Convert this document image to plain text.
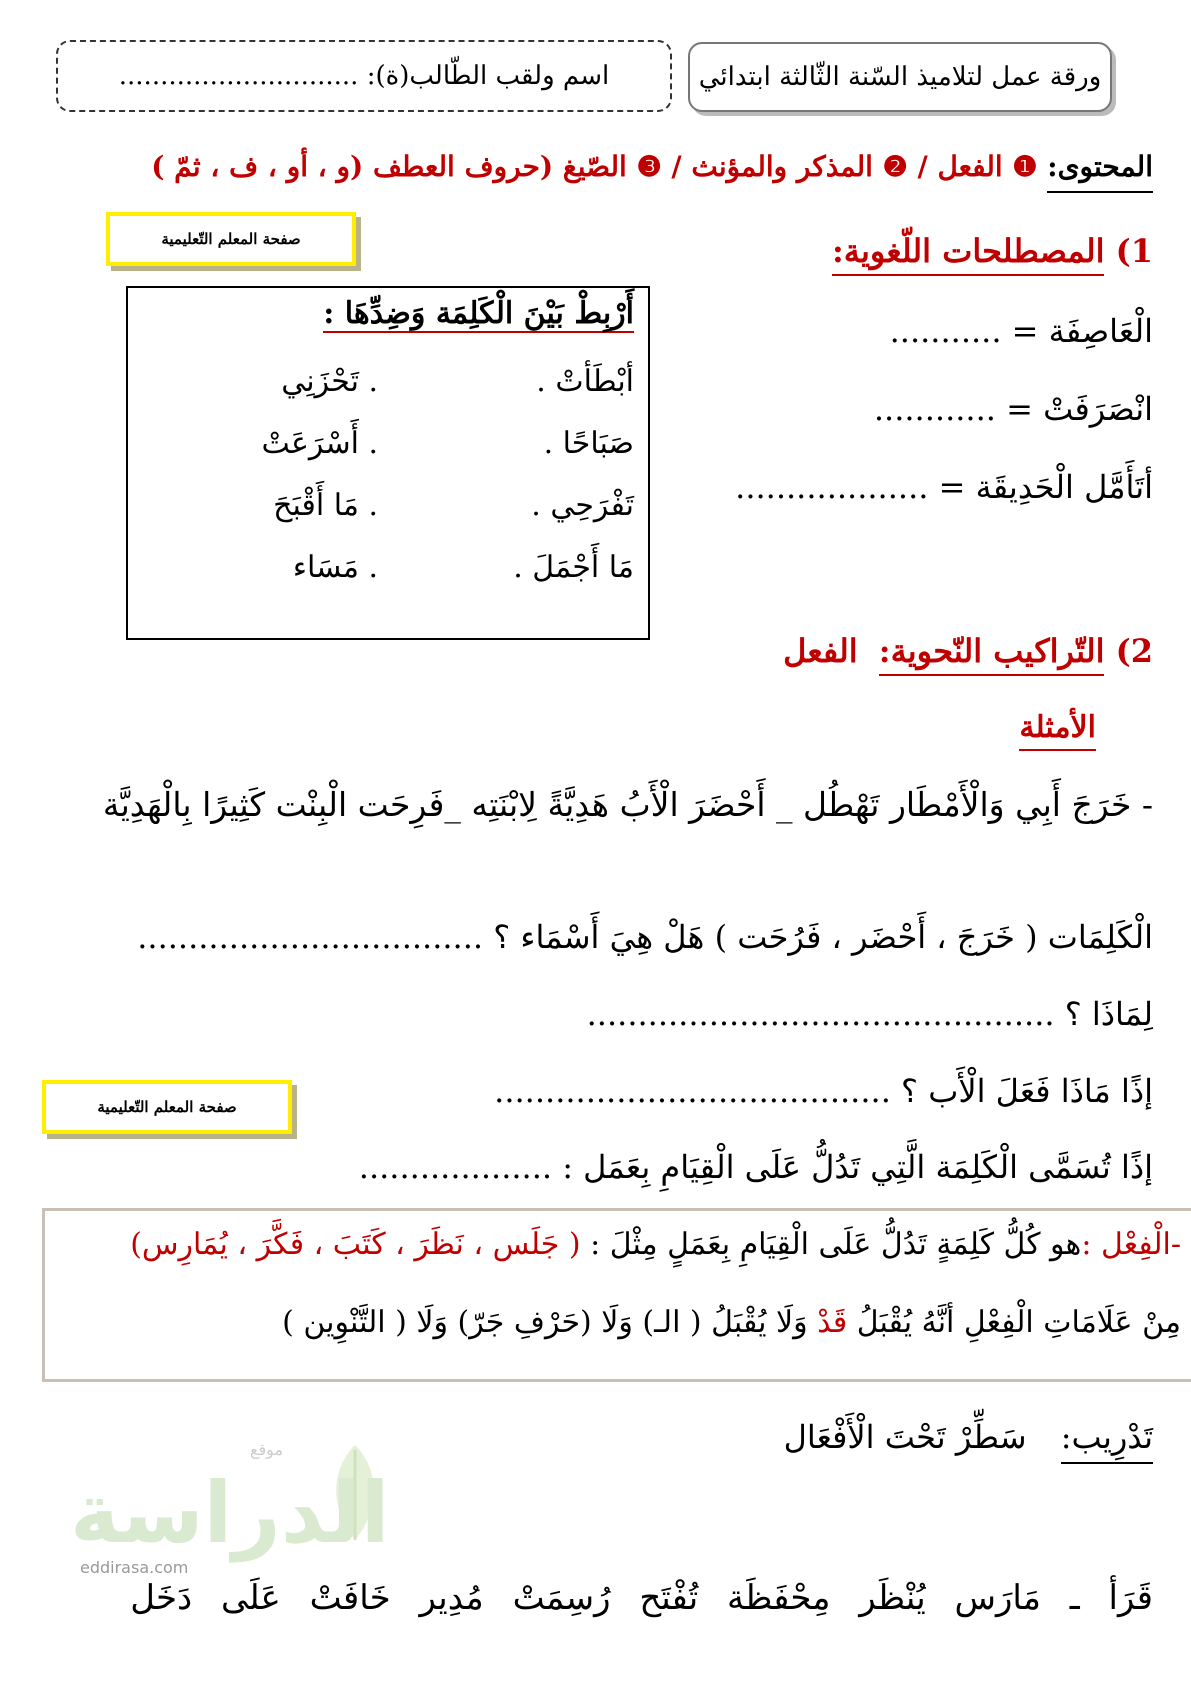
ورقة عمل لتلاميذ السّنة الثّالثة ابتدائي
اسم ولقب الطّالب(ة): .............................
المحتوى: ❶ الفعل / ❷ المذكر والمؤنث / ❸ الصّيغ (حروف العطف (و ، أو ، ف ، ثمّ )
صفحة المعلم التّعليمية	1) المصطلحات اللّغوية:
الْعَاصِفَة = ...........
انْصَرَفَتْ = ............
أتَأَمَّل الْحَدِيقَة = ...................
أَرْبِطْ بَيْنَ الْكَلِمَة وَضِدِّهَا :
أبْطَأتْ .
صَبَاحًا .
تَفْرَحِي .
مَا أَجْمَلَ .
. تَحْزَنِي
. أَسْرَعَتْ
. مَا أَقْبَحَ
. مَسَاء
2) التّراكيب النّحوية: الفعل
الأمثلة
- خَرَجَ أَبِي وَالْأَمْطَار تَهْطُل _ أَحْضَرَ الْأَبُ هَدِيَّةً لِابْنَتِه _فَرِحَت الْبِنْت كَثِيرًا بِالْهَدِيَّة
الْكَلِمَات ( خَرَجَ ، أَحْضَر ، فَرُحَت ) هَلْ هِيَ أَسْمَاء ؟ ..................................
لِمَاذَا ؟ ..............................................
صفحة المعلم التّعليمية	إذًا مَاذَا فَعَلَ الْأَب ؟ .......................................
إذًا تُسَمَّى الْكَلِمَة الَّتِي تَدُلُّ عَلَى الْقِيَامِ بِعَمَل : ...................
-الْفِعْل :هو كُلُّ كَلِمَةٍ تَدُلُّ عَلَى الْقِيَامِ بِعَمَلٍ مِثْلَ : ( جَلَس ، نَظَرَ ، كَتَبَ ، فَكَّرَ ، يُمَارِس)
مِنْ عَلَامَاتِ الْفِعْلِ أنَّهُ يُقْبَلُ قَدْ وَلَا يُقْبَلُ ( الـ) وَلَا (حَرْفِ جَرّ) وَلَا ( التَّنْوِين )
تَدْرِيب: سَطِّرْ تَحْتَ الْأَفْعَال
الدراسة
موقع
eddirasa.com
قَرَأ ـ مَارَس يُنْظَر مِحْفَظَة تُفْتَح رُسِمَتْ مُدِير خَافَتْ عَلَى دَخَل
